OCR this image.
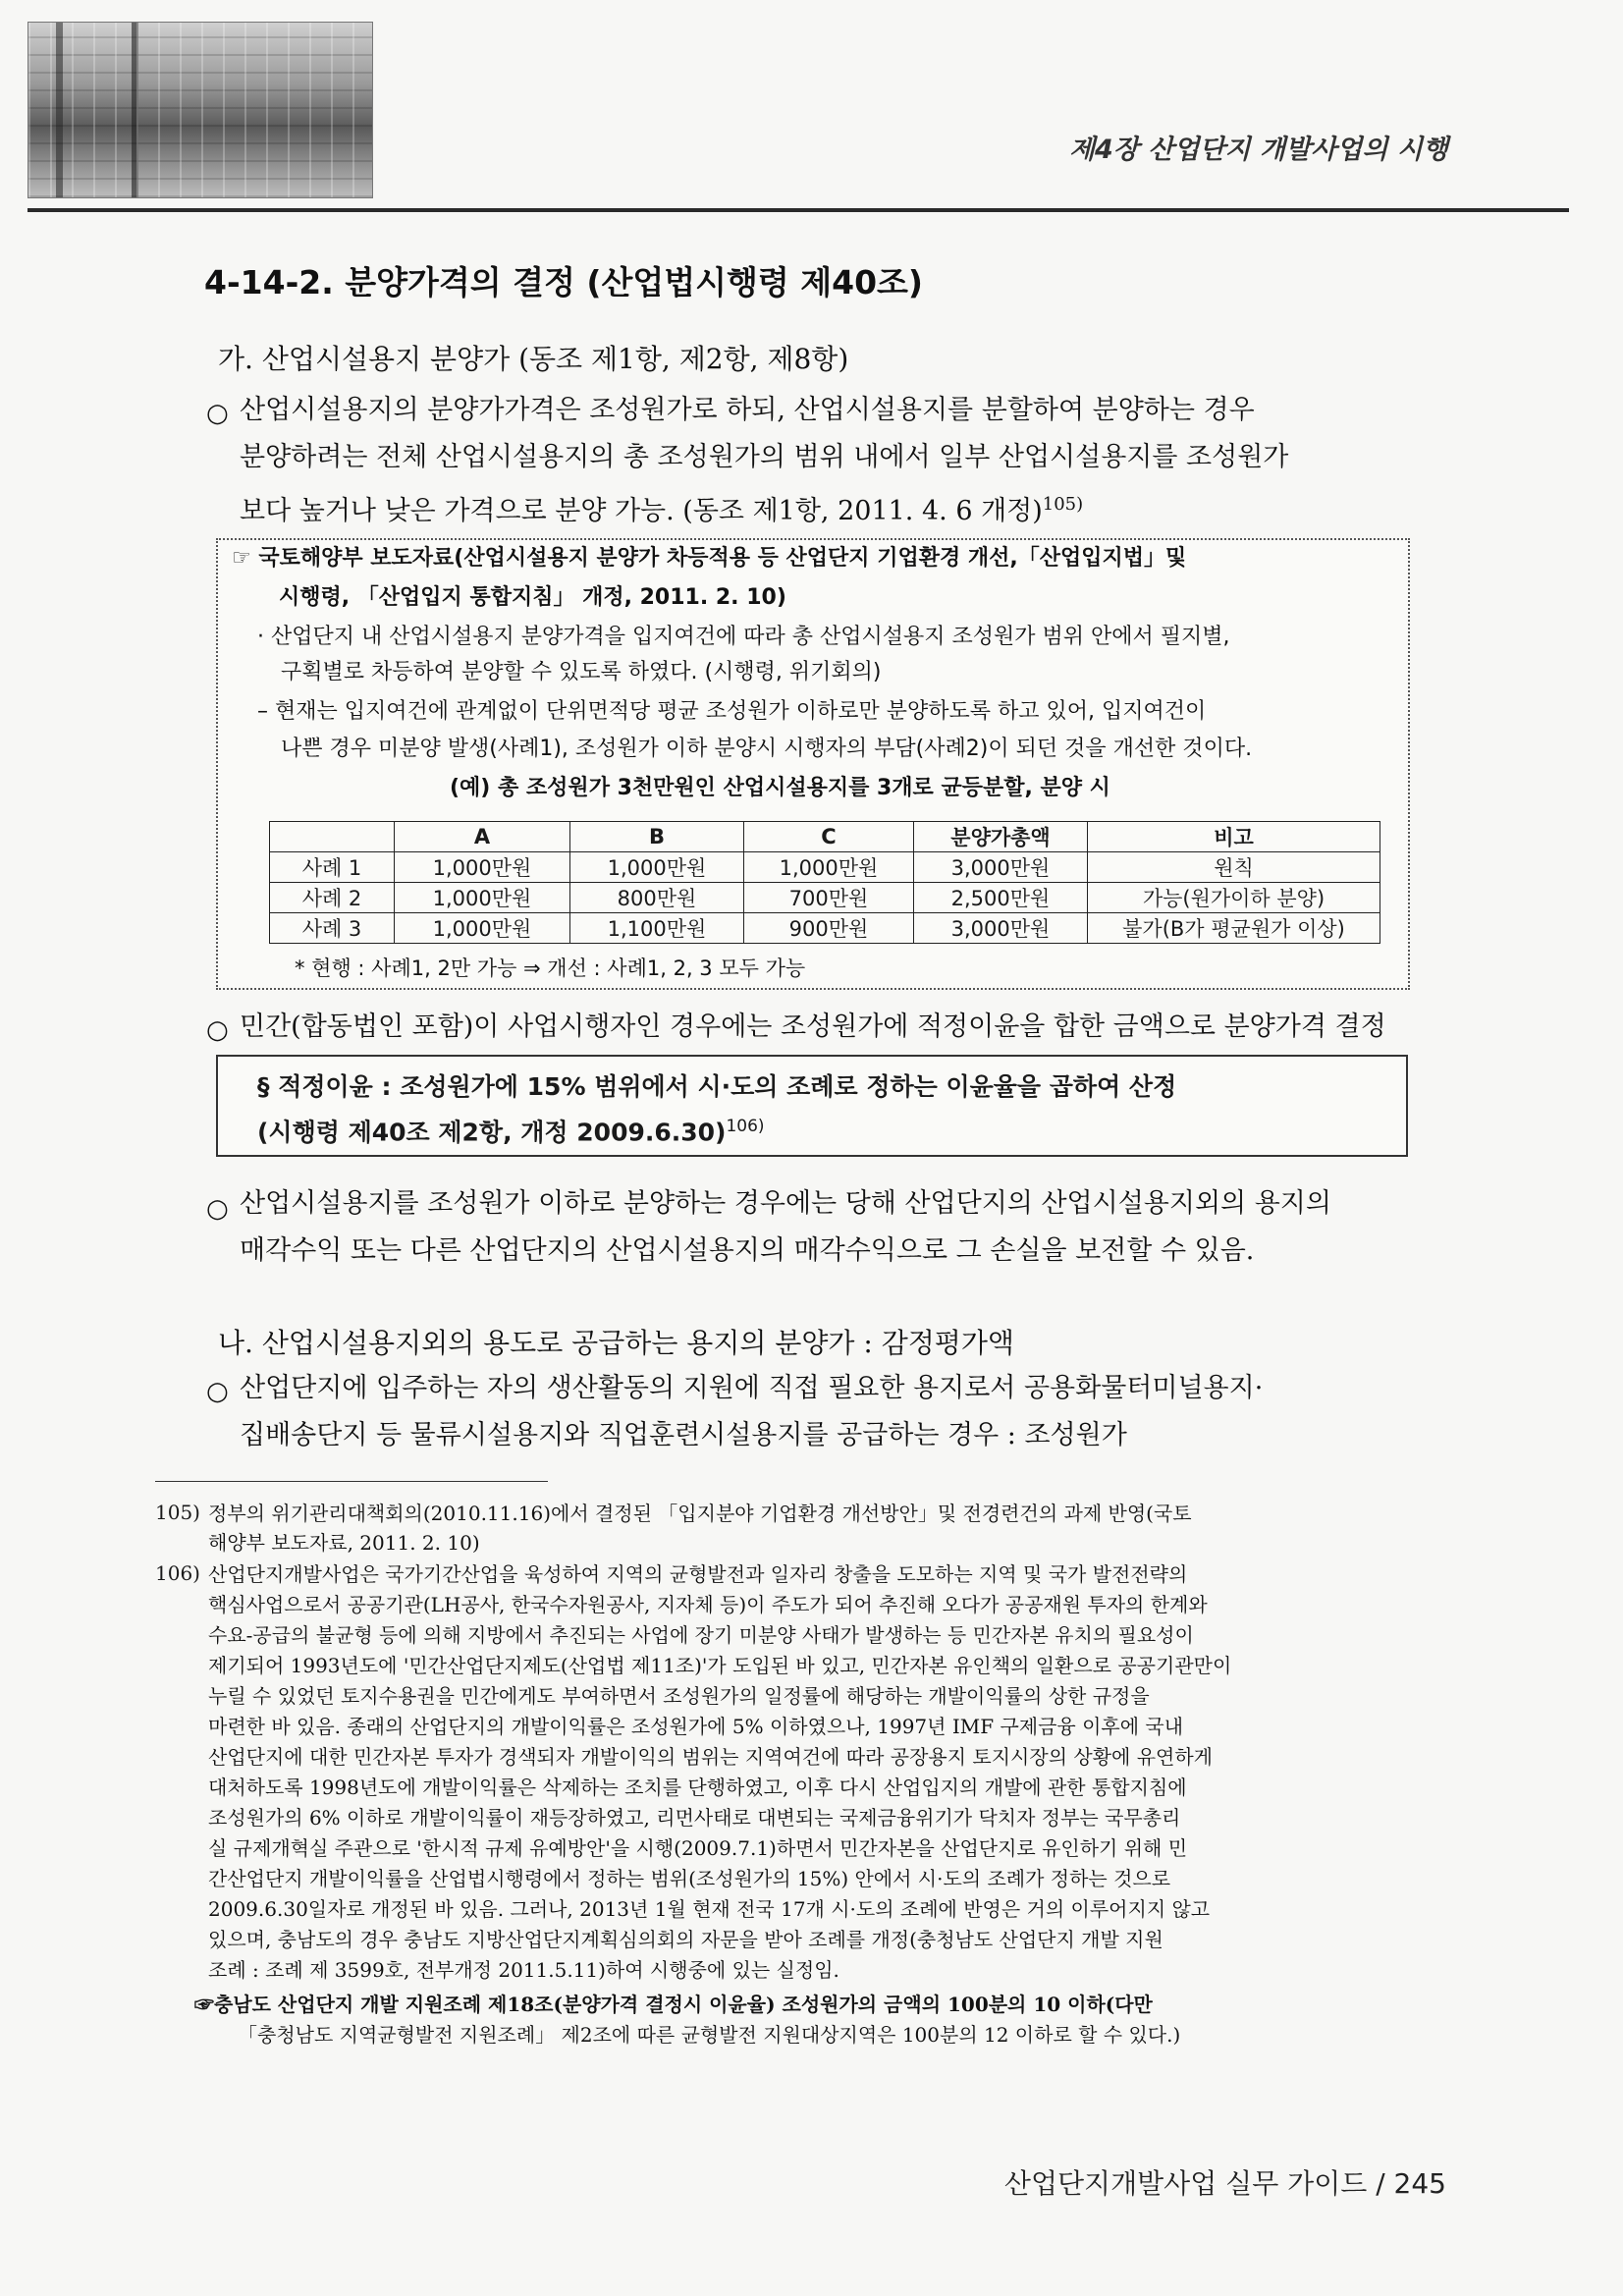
제4장 산업단지 개발사업의 시행
4-14-2. 분양가격의 결정 (산업법시행령 제40조)
가. 산업시설용지 분양가 (동조 제1항, 제2항, 제8항)
○ 산업시설용지의 분양가가격은 조성원가로 하되, 산업시설용지를 분할하여 분양하는 경우
분양하려는 전체 산업시설용지의 총 조성원가의 범위 내에서 일부 산업시설용지를 조성원가
보다 높거나 낮은 가격으로 분양 가능. (동조 제1항, 2011. 4. 6 개정)$^{105)}$
☞ 국토해양부 보도자료(산업시설용지 분양가 차등적용 등 산업단지 기업환경 개선,「산업입지법」및
시행령, 「산업입지 통합지침」 개정, 2011. 2. 10)
· 산업단지 내 산업시설용지 분양가격을 입지여건에 따라 총 산업시설용지 조성원가 범위 안에서 필지별,
구획별로 차등하여 분양할 수 있도록 하였다. (시행령, 위기회의)
– 현재는 입지여건에 관계없이 단위면적당 평균 조성원가 이하로만 분양하도록 하고 있어, 입지여건이
나쁜 경우 미분양 발생(사례1), 조성원가 이하 분양시 시행자의 부담(사례2)이 되던 것을 개선한 것이다.
(예) 총 조성원가 3천만원인 산업시설용지를 3개로 균등분할, 분양 시
	A	B	C	분양가총액	비고
사례 1	1,000만원	1,000만원	1,000만원	3,000만원	원칙
사례 2	1,000만원	800만원	700만원	2,500만원	가능(원가이하 분양)
사례 3	1,000만원	1,100만원	900만원	3,000만원	불가(B가 평균원가 이상)
* 현행 : 사례1, 2만 가능 ⇒ 개선 : 사례1, 2, 3 모두 가능
○ 민간(합동법인 포함)이 사업시행자인 경우에는 조성원가에 적정이윤을 합한 금액으로 분양가격 결정
§ 적정이윤 : 조성원가에 15% 범위에서 시·도의 조례로 정하는 이윤율을 곱하여 산정
(시행령 제40조 제2항, 개정 2009.6.30)$^{106)}$
○ 산업시설용지를 조성원가 이하로 분양하는 경우에는 당해 산업단지의 산업시설용지외의 용지의
매각수익 또는 다른 산업단지의 산업시설용지의 매각수익으로 그 손실을 보전할 수 있음.
나. 산업시설용지외의 용도로 공급하는 용지의 분양가 : 감정평가액
○ 산업단지에 입주하는 자의 생산활동의 지원에 직접 필요한 용지로서 공용화물터미널용지·
집배송단지 등 물류시설용지와 직업훈련시설용지를 공급하는 경우 : 조성원가
105) 정부의 위기관리대책회의(2010.11.16)에서 결정된 「입지분야 기업환경 개선방안」및 전경련건의 과제 반영(국토
해양부 보도자료, 2011. 2. 10)
106) 산업단지개발사업은 국가기간산업을 육성하여 지역의 균형발전과 일자리 창출을 도모하는 지역 및 국가 발전전략의
핵심사업으로서 공공기관(LH공사, 한국수자원공사, 지자체 등)이 주도가 되어 추진해 오다가 공공재원 투자의 한계와
수요-공급의 불균형 등에 의해 지방에서 추진되는 사업에 장기 미분양 사태가 발생하는 등 민간자본 유치의 필요성이
제기되어 1993년도에 '민간산업단지제도(산업법 제11조)'가 도입된 바 있고, 민간자본 유인책의 일환으로 공공기관만이
누릴 수 있었던 토지수용권을 민간에게도 부여하면서 조성원가의 일정률에 해당하는 개발이익률의 상한 규정을
마련한 바 있음. 종래의 산업단지의 개발이익률은 조성원가에 5% 이하였으나, 1997년 IMF 구제금융 이후에 국내
산업단지에 대한 민간자본 투자가 경색되자 개발이익의 범위는 지역여건에 따라 공장용지 토지시장의 상황에 유연하게
대처하도록 1998년도에 개발이익률은 삭제하는 조치를 단행하였고, 이후 다시 산업입지의 개발에 관한 통합지침에
조성원가의 6% 이하로 개발이익률이 재등장하였고, 리먼사태로 대변되는 국제금융위기가 닥치자 정부는 국무총리
실 규제개혁실 주관으로 '한시적 규제 유예방안'을 시행(2009.7.1)하면서 민간자본을 산업단지로 유인하기 위해 민
간산업단지 개발이익률을 산업법시행령에서 정하는 범위(조성원가의 15%) 안에서 시·도의 조례가 정하는 것으로
2009.6.30일자로 개정된 바 있음. 그러나, 2013년 1월 현재 전국 17개 시·도의 조례에 반영은 거의 이루어지지 않고
있으며, 충남도의 경우 충남도 지방산업단지계획심의회의 자문을 받아 조례를 개정(충청남도 산업단지 개발 지원
조례 : 조례 제 3599호, 전부개정 2011.5.11)하여 시행중에 있는 실정임.
☞충남도 산업단지 개발 지원조례 제18조(분양가격 결정시 이윤율) 조성원가의 금액의 100분의 10 이하(다만
「충청남도 지역균형발전 지원조례」 제2조에 따른 균형발전 지원대상지역은 100분의 12 이하로 할 수 있다.)
산업단지개발사업 실무 가이드 / 245
